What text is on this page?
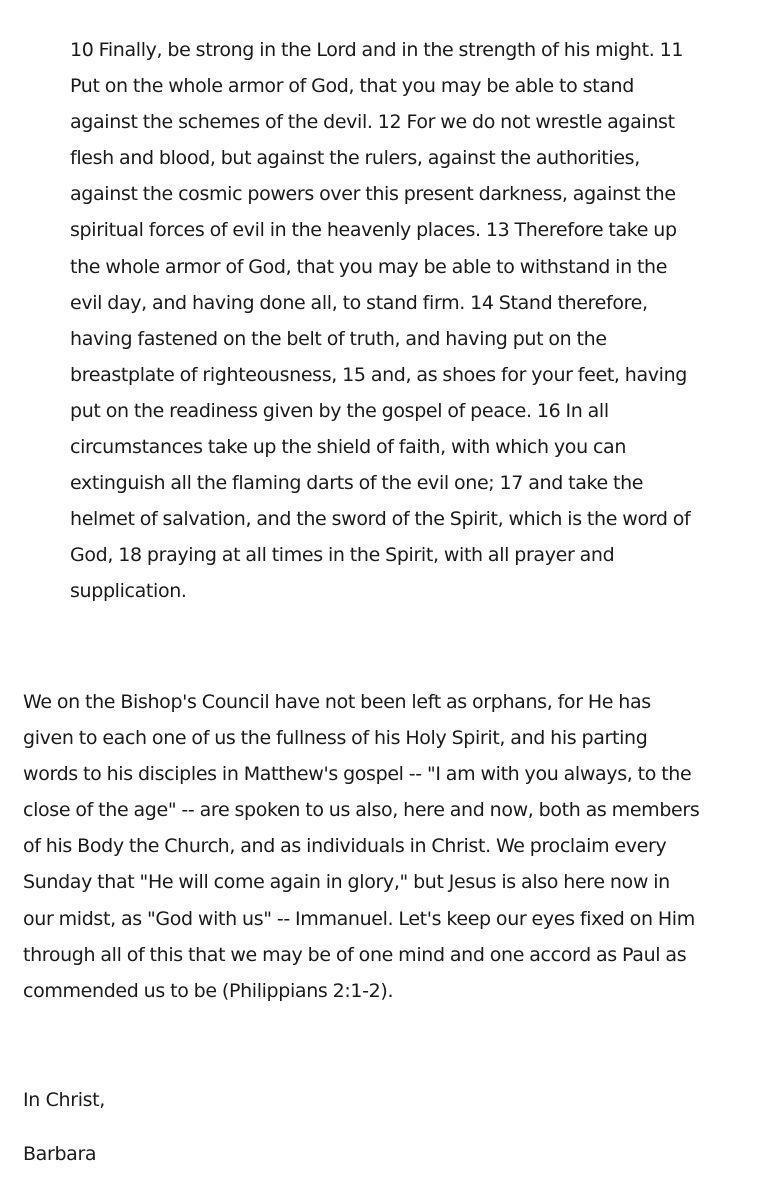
10 Finally, be strong in the Lord and in the strength of his might. 11
Put on the whole armor of God, that you may be able to stand
against the schemes of the devil. 12 For we do not wrestle against
flesh and blood, but against the rulers, against the authorities,
against the cosmic powers over this present darkness, against the
spiritual forces of evil in the heavenly places. 13 Therefore take up
the whole armor of God, that you may be able to withstand in the
evil day, and having done all, to stand firm. 14 Stand therefore,
having fastened on the belt of truth, and having put on the
breastplate of righteousness, 15 and, as shoes for your feet, having
put on the readiness given by the gospel of peace. 16 In all
circumstances take up the shield of faith, with which you can
extinguish all the flaming darts of the evil one; 17 and take the
helmet of salvation, and the sword of the Spirit, which is the word of
God, 18 praying at all times in the Spirit, with all prayer and
supplication.

We on the Bishop's Council have not been left as orphans, for He has
given to each one of us the fullness of his Holy Spirit, and his parting
words to his disciples in Matthew's gospel -- "I am with you always, to the
close of the age" -- are spoken to us also, here and now, both as members
of his Body the Church, and as individuals in Christ. We proclaim every
Sunday that "He will come again in glory," but Jesus is also here now in
our midst, as "God with us" -- Immanuel. Let's keep our eyes fixed on Him
through all of this that we may be of one mind and one accord as Paul as
commended us to be (Philippians 2:1-2).

In Christ,

Barbara
